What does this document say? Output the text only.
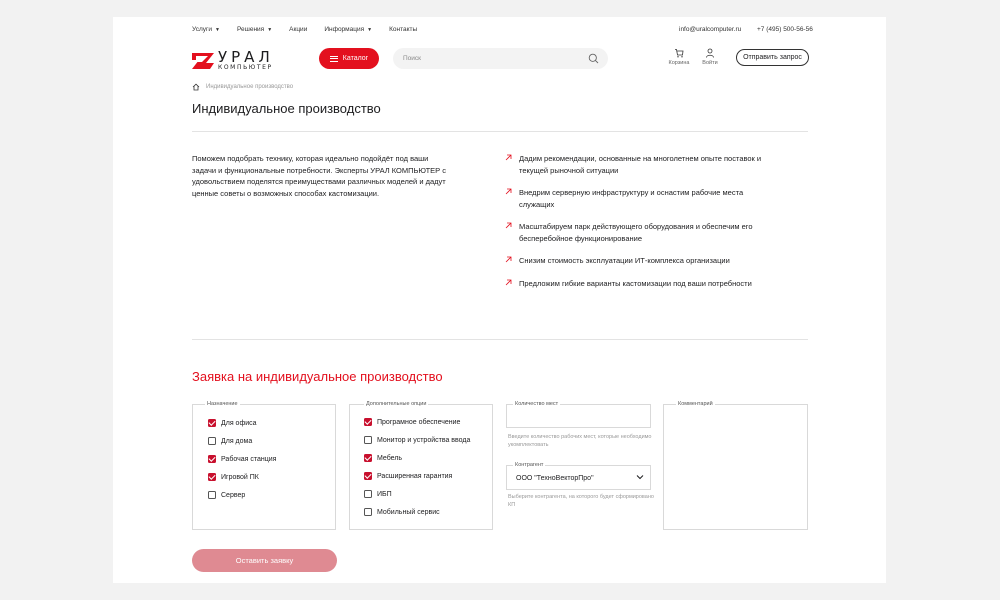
Услуги ▼	Решения ▼	Акции	Информация ▼	Контакты	info@uralcomputer.ru +7 (495) 500-56-56
УРАЛ
КОМПЬЮТЕР
Каталог
Поиск
Корзина	Войти
Отправить запрос
Индивидуальное производство
Индивидуальное производство

Поможем подобрать технику, которая идеально подойдёт под ваши задачи и функциональные потребности. Эксперты УРАЛ КОМПЬЮТЕР с удовольствием поделятся преимуществами различных моделей и дадут ценные советы о возможных способах кастомизации.

Дадим рекомендации, основанные на многолетнем опыте поставок и текущей рыночной ситуации
Внедрим серверную инфраструктуру и оснастим рабочие места служащих
Масштабируем парк действующего оборудования и обеспечим его бесперебойное функционирование
Снизим стоимость эксплуатации ИТ-комплекса организации
Предложим гибкие варианты кастомизации под ваши потребности
Заявка на индивидуальное производство
Назначение
Для офиса
Для дома
Рабочая станция
Игровой ПК
Сервер
Дополнительные опции
Програмное обеспечение
Монитор и устройства ввода
Мебель
Расширенная гарантия
ИБП
Мобильный сервис
Количество мест
Введите количество рабочих мест, которые необходимо укомплектовать
Контрагент
ООО "ТехноВекторПро"
Выберите контрагента, на которого будет сформировано КП
Комментарий
Оставить заявку
